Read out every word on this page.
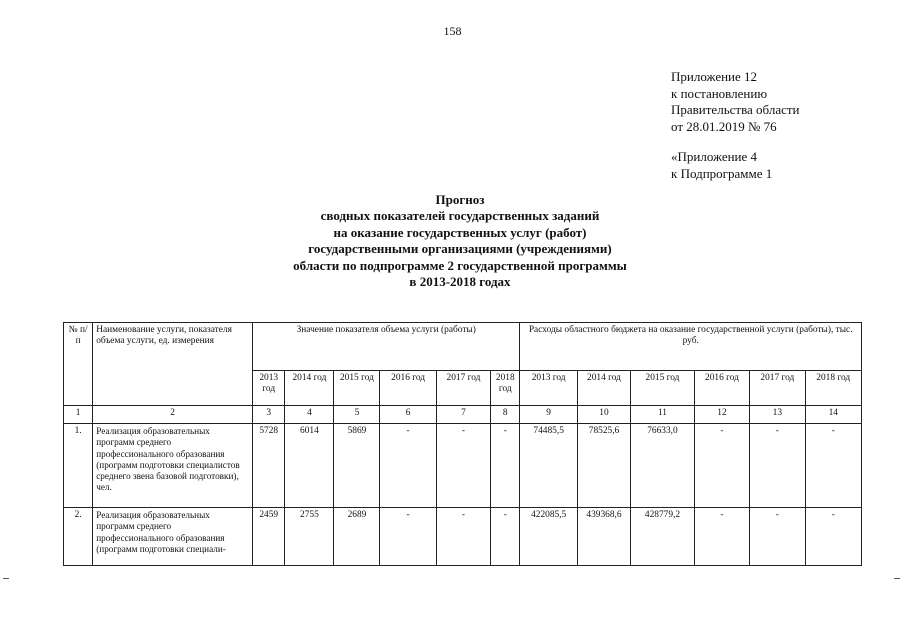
158
Приложение 12
к постановлению
Правительства области
от 28.01.2019 № 76
«Приложение 4
к Подпрограмме 1
Прогноз
сводных показателей государственных заданий
на оказание государственных услуг (работ)
государственными организациями (учреждениями)
области по подпрограмме 2 государственной программы
в 2013-2018 годах
№ п/п	Наименование услуги, показателя объема услуги, ед. измерения	Значение показателя объема услуги (работы)						Расходы областного бюджета на оказание государственной услуги (работы), тыс. руб.					
		2013 год	2014 год	2015 год	2016 год	2017 год	2018 год	2013 год	2014 год	2015 год	2016 год	2017 год	2018 год
1	2	3	4	5	6	7	8	9	10	11	12	13	14
1.	Реализация образовательных программ среднего профессионального образования (программ подготовки специалистов среднего звена базовой подготовки), чел.	5728	6014	5869	-	-	-	74485,5	78525,6	76633,0	-	-	-
2.	Реализация образовательных программ среднего профессионального образования (программ подготовки специали-	2459	2755	2689	-	-	-	422085,5	439368,6	428779,2	-	-	-
